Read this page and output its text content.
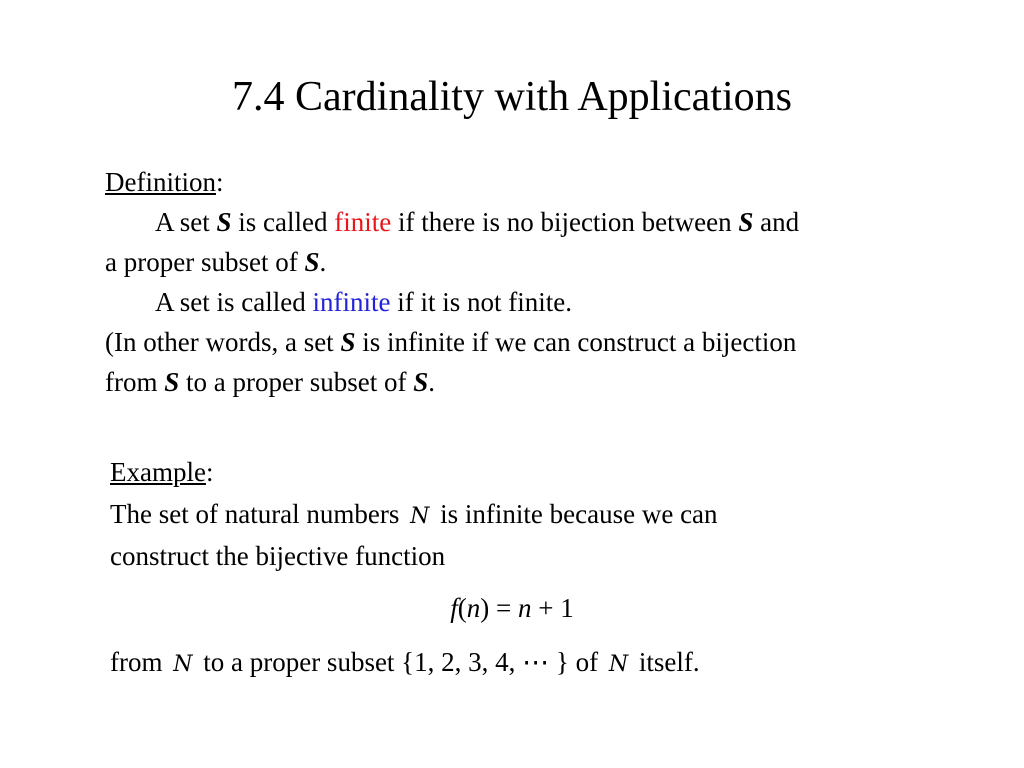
7.4 Cardinality with Applications
Definition:
A set S is called finite if there is no bijection between S and
a proper subset of S.
A set is called infinite if it is not finite.
(In other words, a set S is infinite if we can construct a bijection
from S to a proper subset of S.
Example:
The set of natural numbers N is infinite because we can
construct the bijective function
f(n) = n + 1
from N to a proper subset {1, 2, 3, 4, ⋯ } of N itself.
